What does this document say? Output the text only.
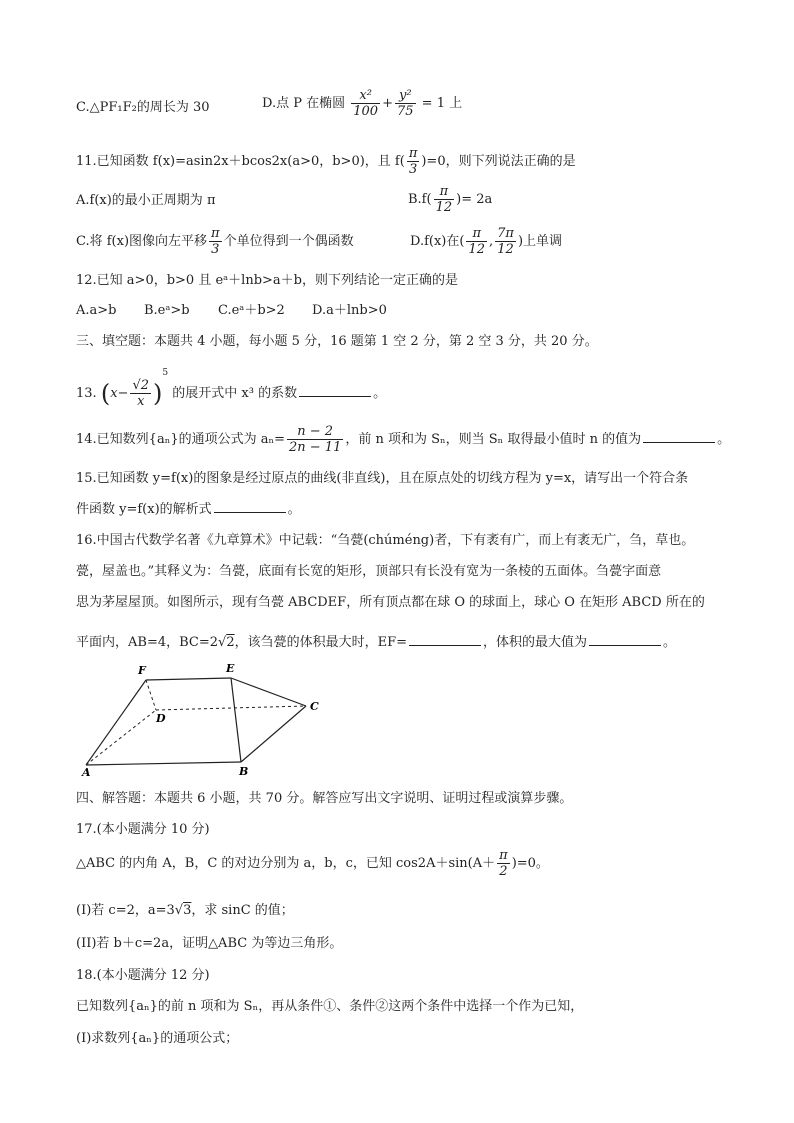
C.△PF₁F₂的周长为 30	D.点 P 在椭圆 $\frac{\text{x²}}{100} + \frac{\text{y²}}{75} = 1$ 上
11.已知函数 f(x)=asin2x＋bcos2x(a>0，b>0)，且 $f( \frac{\pi}{3} )=0$，则下列说法正确的是
A.f(x)的最小正周期为 π	$B.f( \frac{\pi}{12}$ )= 2a
C.将 f(x)图像向左平移 $\frac{\pi}{3}$ 个单位得到一个偶函数	D.f(x)在( $\frac{\pi}{12}$ , $\frac{7\pi}{12}$ )上单调
12.已知 a>0，b>0 且 eᵃ＋lnb>a＋b，则下列结论一定正确的是
A.a>b B.eᵃ>b C.eᵃ＋b>2 D.a＋lnb>0
三、填空题：本题共 4 小题，每小题 5 分，16 题第 1 空 2 分，第 2 空 3 分，共 20 分。
13. $(x- \frac{√2}{x} )^5$ 的展开式中 x³ 的系数	。
14.已知数列{aₙ}的通项公式为 $a_n= \frac{n - 2}{2n - 11}$ ，前 n 项和为 Sₙ，则当 Sₙ 取得最小值时 n 的值为	。
15.已知函数 y=f(x)的图象是经过原点的曲线(非直线)，且在原点处的切线方程为 y=x，请写出一个符合条
件函数 y=f(x)的解析式	。
16.中国古代数学名著《九章算术》中记载：“刍甍(chúméng)者，下有袤有广，而上有袤无广，刍，草也。
甍，屋盖也。”其释义为：刍甍，底面有长宽的矩形，顶部只有长没有宽为一条棱的五面体。刍甍字面意
思为茅屋屋顶。如图所示，现有刍甍 ABCDEF，所有顶点都在球 O 的球面上，球心 O 在矩形 ABCD 所在的
平面内，AB=4，BC=2√2，该刍甍的体积最大时，EF=	，体积的最大值为	。
F	E
D
C
A	B
四、解答题：本题共 6 小题，共 70 分。解答应写出文字说明、证明过程或演算步骤。
17.(本小题满分 10 分)
△ABC 的内角 A，B，C 的对边分别为 a，b，c，已知 $\cos 2A+\sin(A+ \frac{\pi}{2} )=0$。
(I)若 c=2，a=3√3，求 sinC 的值；
(II)若 b＋c=2a，证明△ABC 为等边三角形。
18.(本小题满分 12 分)
已知数列{aₙ}的前 n 项和为 Sₙ，再从条件①、条件②这两个条件中选择一个作为已知，
(I)求数列{aₙ}的通项公式；
